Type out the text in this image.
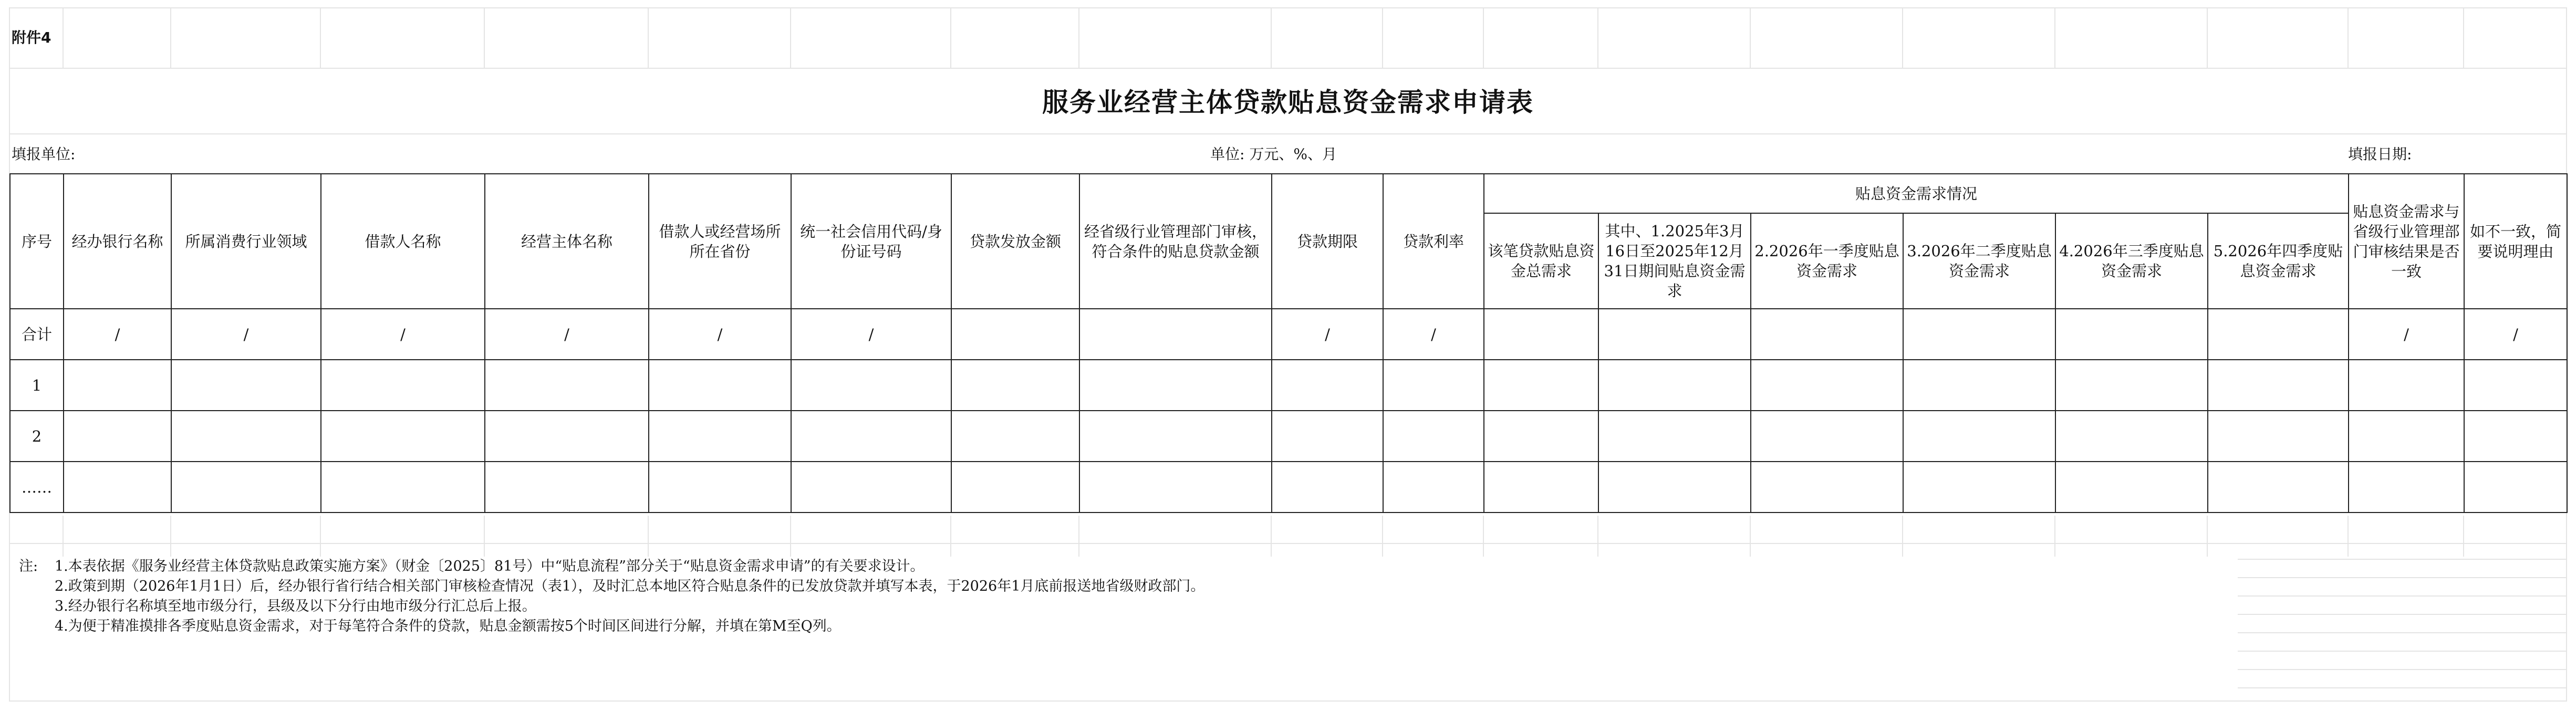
附件4
服务业经营主体贷款贴息资金需求申请表
填报单位:	单位: 万元、%、月	填报日期:
序号	经办银行名称	所属消费行业领域	借款人名称	经营主体名称	借款人或经营场所所在省份	统一社会信用代码/身份证号码	贷款发放金额	经省级行业管理部门审核，符合条件的贴息贷款金额	贷款期限	贷款利率	贴息资金需求情况						贴息资金需求与省级行业管理部门审核结果是否一致	如不一致，简要说明理由
											该笔贷款贴息资金总需求	其中、1.2025年3月16日至2025年12月31日期间贴息资金需求	2.2026年一季度贴息资金需求	3.2026年二季度贴息资金需求	4.2026年三季度贴息资金需求	5.2026年四季度贴息资金需求		
合计	/	/	/	/	/	/			/	/							/	/
1																		
2																		
……																		
注: 1.本表依据《服务业经营主体贷款贴息政策实施方案》（财金〔2025〕81号）中“贴息流程”部分关于“贴息资金需求申请”的有关要求设计。
2.政策到期（2026年1月1日）后，经办银行省行结合相关部门审核检查情况（表1），及时汇总本地区符合贴息条件的已发放贷款并填写本表，于2026年1月底前报送地省级财政部门。
3.经办银行名称填至地市级分行，县级及以下分行由地市级分行汇总后上报。
4.为便于精准摸排各季度贴息资金需求，对于每笔符合条件的贷款，贴息金额需按5个时间区间进行分解，并填在第M至Q列。
